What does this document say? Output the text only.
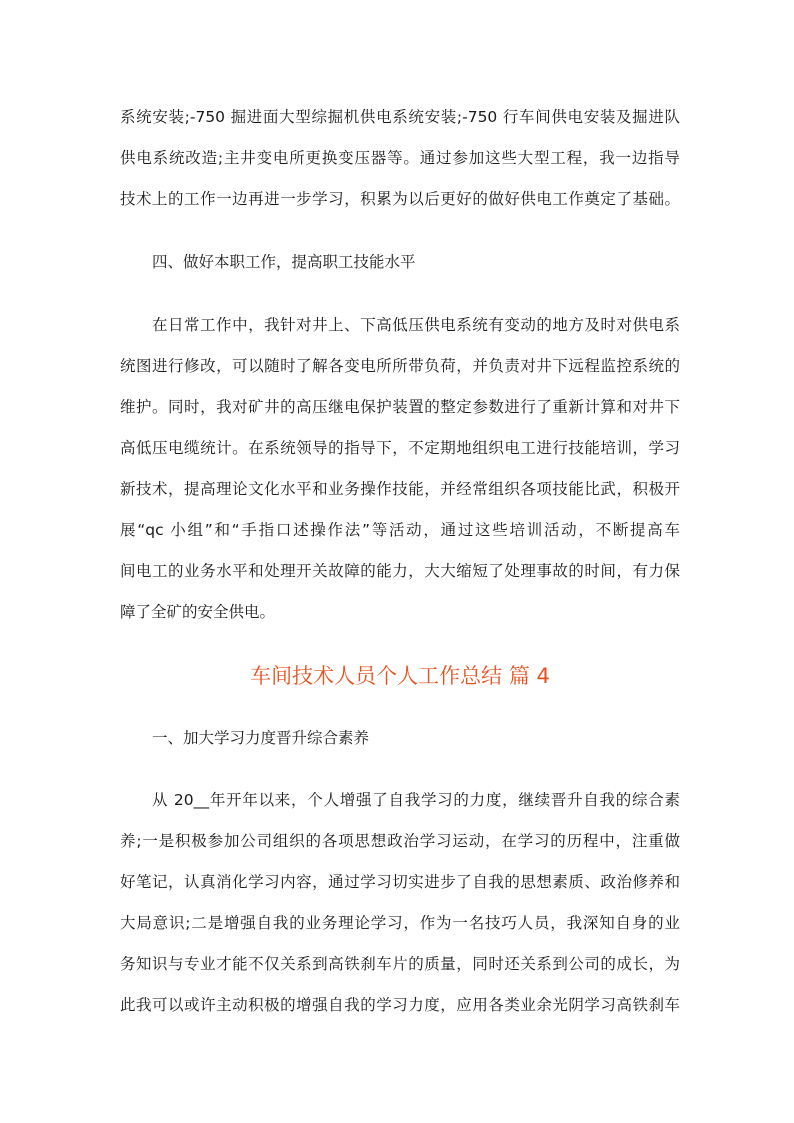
系统安装;-750 掘进面大型综掘机供电系统安装;-750 行车间供电安装及掘进队
供电系统改造;主井变电所更换变压器等。通过参加这些大型工程，我一边指导
技术上的工作一边再进一步学习，积累为以后更好的做好供电工作奠定了基础。
四、做好本职工作，提高职工技能水平
在日常工作中，我针对井上、下高低压供电系统有变动的地方及时对供电系
统图进行修改，可以随时了解各变电所所带负荷，并负责对井下远程监控系统的
维护。同时，我对矿井的高压继电保护装置的整定参数进行了重新计算和对井下
高低压电缆统计。在系统领导的指导下，不定期地组织电工进行技能培训，学习
新技术，提高理论文化水平和业务操作技能，并经常组织各项技能比武，积极开
展“qc 小组”和“手指口述操作法”等活动，通过这些培训活动，不断提高车
间电工的业务水平和处理开关故障的能力，大大缩短了处理事故的时间，有力保
障了全矿的安全供电。
车间技术人员个人工作总结 篇 4
一、加大学习力度晋升综合素养
从 20__年开年以来，个人增强了自我学习的力度，继续晋升自我的综合素
养;一是积极参加公司组织的各项思想政治学习运动，在学习的历程中，注重做
好笔记，认真消化学习内容，通过学习切实进步了自我的思想素质、政治修养和
大局意识;二是增强自我的业务理论学习，作为一名技巧人员，我深知自身的业
务知识与专业才能不仅关系到高铁刹车片的质量，同时还关系到公司的成长，为
此我可以或许主动积极的增强自我的学习力度，应用各类业余光阴学习高铁刹车
